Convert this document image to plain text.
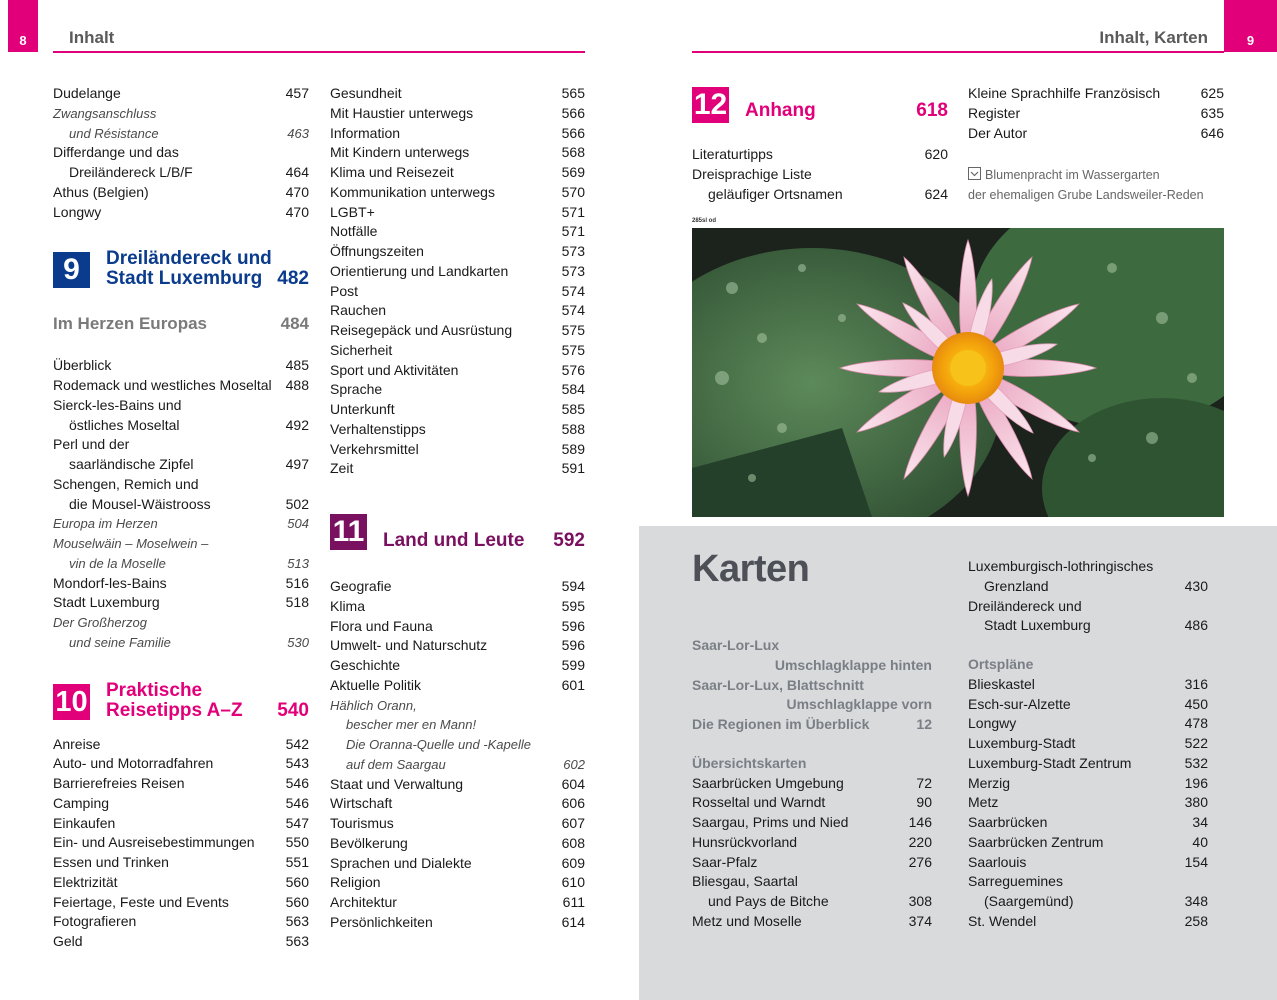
8	Inhalt	9
Inhalt, Karten
Dudelange	457
Zwangsanschluss
und Résistance	463
Differdange und das
Dreiländereck L/B/F	464
Athus (Belgien)	470
Longwy	470
9	Dreiländereck und
Stadt Luxemburg 482
Im Herzen Europas	484
Überblick	485
Rodemack und westliches Moseltal 488
Sierck-les-Bains und
östliches Moseltal	492
Perl und der
saarländische Zipfel	497
Schengen, Remich und
die Mousel-Wäistrooss	502
Europa im Herzen	504
Mouselwäin – Moselwein –
vin de la Moselle	513
Mondorf-les-Bains	516
Stadt Luxemburg	518
Der Großherzog
und seine Familie	530
10 Praktische
Reisetipps A–Z 540
Anreise	542
Auto- und Motorradfahren	543
Barrierefreies Reisen	546
Camping	546
Einkaufen	547
Ein- und Ausreisebestimmungen 550
Essen und Trinken	551
Elektrizität	560
Feiertage, Feste und Events	560
Fotografieren	563
Geld	563
Gesundheit	565
Mit Haustier unterwegs	566
Information	566
Mit Kindern unterwegs	568
Klima und Reisezeit	569
Kommunikation unterwegs	570
LGBT+	571
Notfälle	571
Öffnungszeiten	573
Orientierung und Landkarten	573
Post	574
Rauchen	574
Reisegepäck und Ausrüstung	575
Sicherheit	575
Sport und Aktivitäten	576
Sprache	584
Unterkunft	585
Verhaltenstipps	588
Verkehrsmittel	589
Zeit	591
11 Land und Leute 592
Geografie	594
Klima	595
Flora und Fauna	596
Umwelt- und Naturschutz	596
Geschichte	599
Aktuelle Politik	601
Hählich Orann,
bescher mer en Mann!
Die Oranna-Quelle und -Kapelle
auf dem Saargau	602
Staat und Verwaltung	604
Wirtschaft	606
Tourismus	607
Bevölkerung	608
Sprachen und Dialekte	609
Religion	610
Architektur	611
Persönlichkeiten	614
12 Anhang	618
Literaturtipps	620
Dreisprachige Liste
geläufiger Ortsnamen	624
Kleine Sprachhilfe Französisch	625
Register	635
Der Autor	646
Blumenpracht im Wassergarten
der ehemaligen Grube Landsweiler-Reden
285sl od
Karten
Saar-Lor-Lux
Umschlagklappe hinten
Saar-Lor-Lux, Blattschnitt
Umschlagklappe vorn
Die Regionen im Überblick	12
Übersichtskarten
Saarbrücken Umgebung	72
Rosseltal und Warndt	90
Saargau, Prims und Nied	146
Hunsrückvorland	220
Saar-Pfalz	276
Bliesgau, Saartal
und Pays de Bitche	308
Metz und Moselle	374
Luxemburgisch-lothringisches
Grenzland	430
Dreiländereck und
Stadt Luxemburg	486
Ortspläne
Blieskastel	316
Esch-sur-Alzette	450
Longwy	478
Luxemburg-Stadt	522
Luxemburg-Stadt Zentrum	532
Merzig	196
Metz	380
Saarbrücken	34
Saarbrücken Zentrum	40
Saarlouis	154
Sarreguemines
(Saargemünd)	348
St. Wendel	258
